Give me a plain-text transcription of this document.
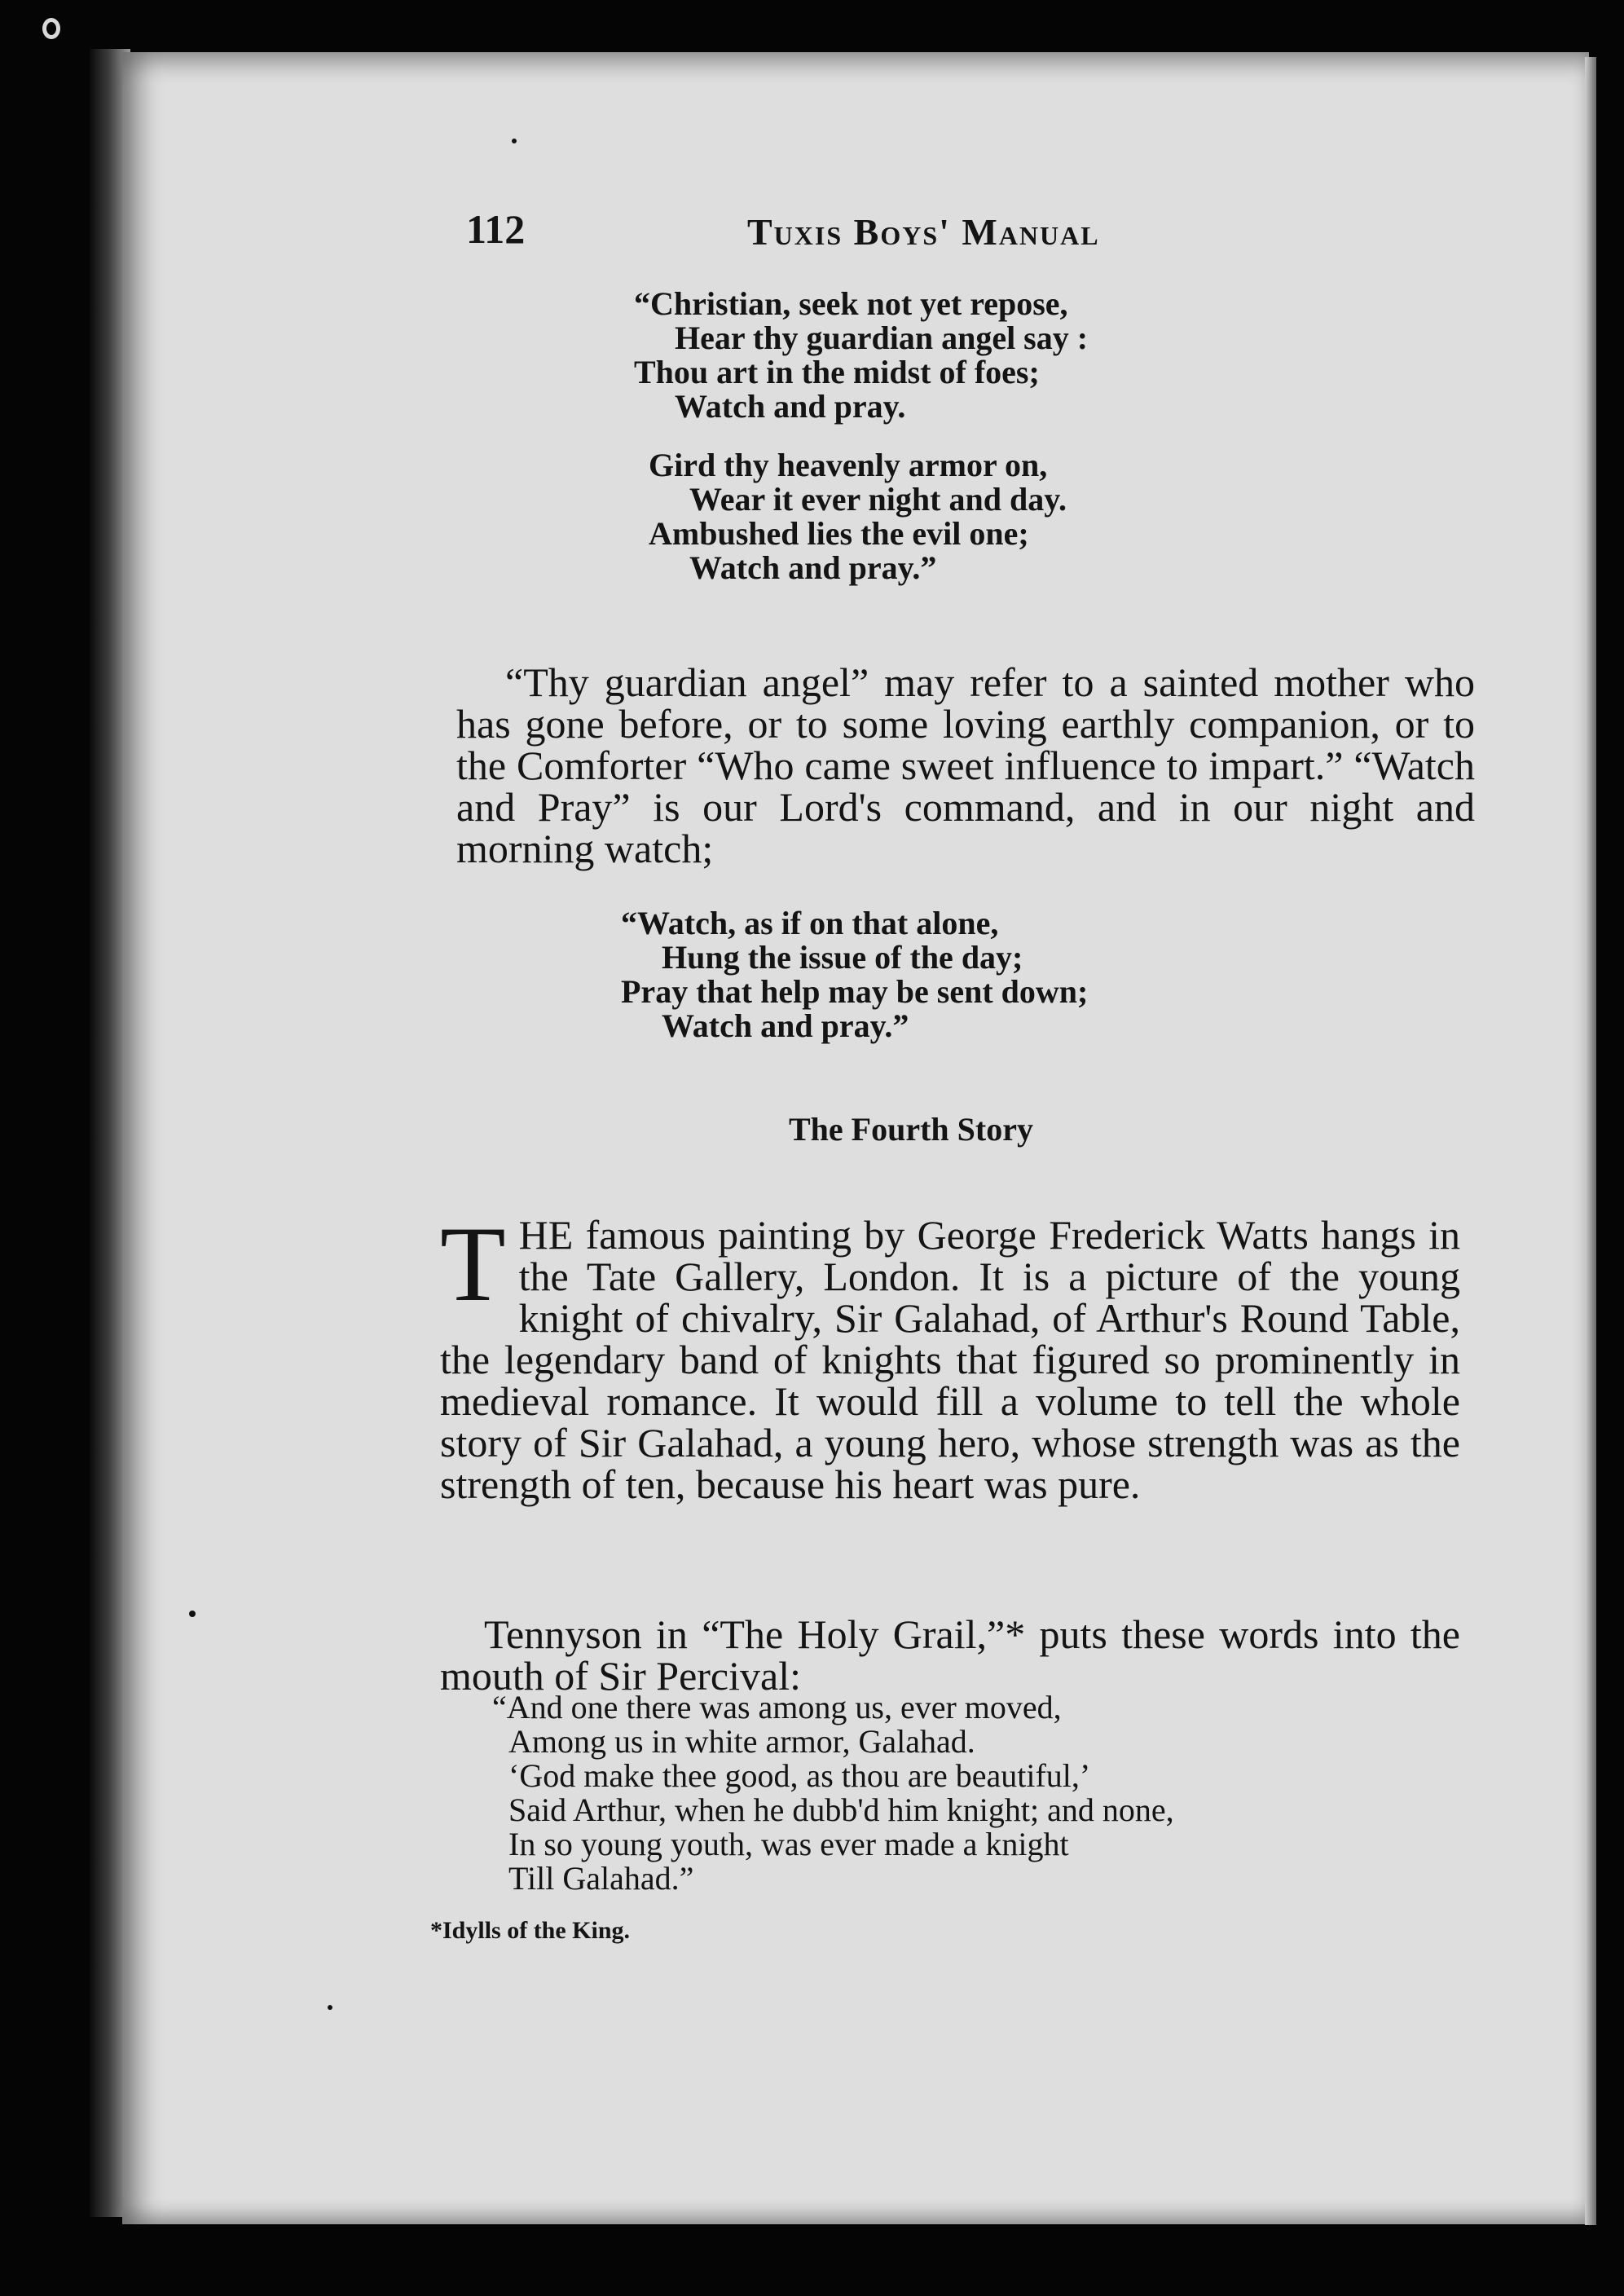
112	Tuxis Boys' Manual
“Christian, seek not yet repose,
Hear thy guardian angel say :
Thou art in the midst of foes;
Watch and pray.
Gird thy heavenly armor on,
Wear it ever night and day.
Ambushed lies the evil one;
Watch and pray.”

“Thy guardian angel” may refer to a sainted mother who has gone before, or to some loving earthly companion, or to the Comforter “Who came sweet influence to impart.” “Watch and Pray” is our Lord's command, and in our night and morning watch;

“Watch, as if on that alone,
Hung the issue of the day;
Pray that help may be sent down;
Watch and pray.”
The Fourth Story

THE famous painting by George Frederick Watts hangs in the Tate Gallery, London. It is a picture of the young knight of chivalry, Sir Galahad, of Arthur's Round Table, the legendary band of knights that figured so prominently in medieval romance. It would fill a volume to tell the whole story of Sir Galahad, a young hero, whose strength was as the strength of ten, because his heart was pure.

Tennyson in “The Holy Grail,”* puts these words into the mouth of Sir Percival:

“And one there was among us, ever moved,
Among us in white armor, Galahad.
‘God make thee good, as thou are beautiful,’
Said Arthur, when he dubb'd him knight; and none,
In so young youth, was ever made a knight
Till Galahad.”
*Idylls of the King.
